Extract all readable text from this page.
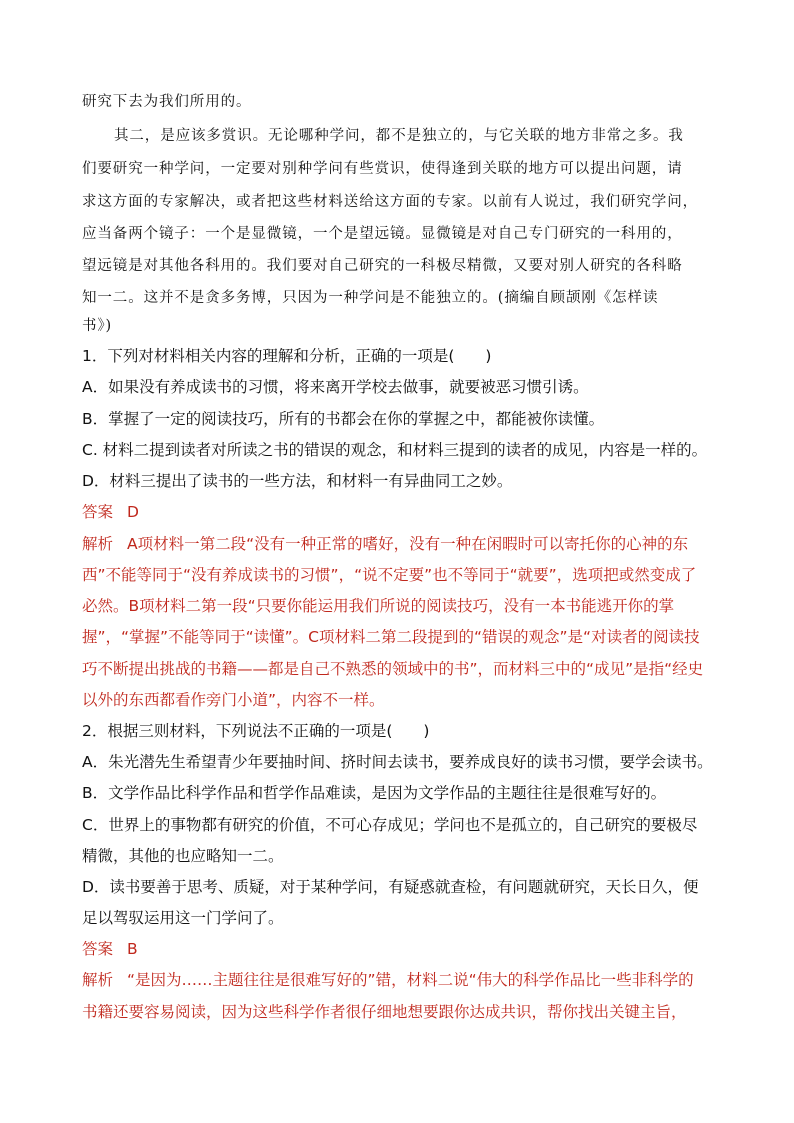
研究下去为我们所用的。
其二，是应该多赏识。无论哪种学问，都不是独立的，与它关联的地方非常之多。我
们要研究一种学问，一定要对别种学问有些赏识，使得逢到关联的地方可以提出问题，请
求这方面的专家解决，或者把这些材料送给这方面的专家。以前有人说过，我们研究学问，
应当备两个镜子：一个是显微镜，一个是望远镜。显微镜是对自己专门研究的一科用的，
望远镜是对其他各科用的。我们要对自己研究的一科极尽精微，又要对别人研究的各科略
知一二。这并不是贪多务博，只因为一种学问是不能独立的。(摘编自顾颉刚《怎样读
书》)
1．下列对材料相关内容的理解和分析，正确的一项是(　　)
A．如果没有养成读书的习惯，将来离开学校去做事，就要被恶习惯引诱。
B．掌握了一定的阅读技巧，所有的书都会在你的掌握之中，都能被你读懂。
C. 材料二提到读者对所读之书的错误的观念，和材料三提到的读者的成见，内容是一样的。
D．材料三提出了读书的一些方法，和材料一有异曲同工之妙。
答案 D
解析 A项材料一第二段“没有一种正常的嗜好，没有一种在闲暇时可以寄托你的心神的东
西”不能等同于“没有养成读书的习惯”，“说不定要”也不等同于“就要”，选项把或然变成了
必然。B项材料二第一段“只要你能运用我们所说的阅读技巧，没有一本书能逃开你的掌
握”，“掌握”不能等同于“读懂”。C项材料二第二段提到的“错误的观念”是“对读者的阅读技
巧不断提出挑战的书籍——都是自己不熟悉的领域中的书”，而材料三中的“成见”是指“经史
以外的东西都看作旁门小道”，内容不一样。
2．根据三则材料，下列说法不正确的一项是(　　)
A．朱光潜先生希望青少年要抽时间、挤时间去读书，要养成良好的读书习惯，要学会读书。
B．文学作品比科学作品和哲学作品难读，是因为文学作品的主题往往是很难写好的。
C．世界上的事物都有研究的价值，不可心存成见；学问也不是孤立的，自己研究的要极尽
精微，其他的也应略知一二。
D．读书要善于思考、质疑，对于某种学问，有疑惑就查检，有问题就研究，天长日久，便
足以驾驭运用这一门学问了。
答案 B
解析 “是因为……主题往往是很难写好的”错，材料二说“伟大的科学作品比一些非科学的
书籍还要容易阅读，因为这些科学作者很仔细地想要跟你达成共识，帮你找出关键主旨，
